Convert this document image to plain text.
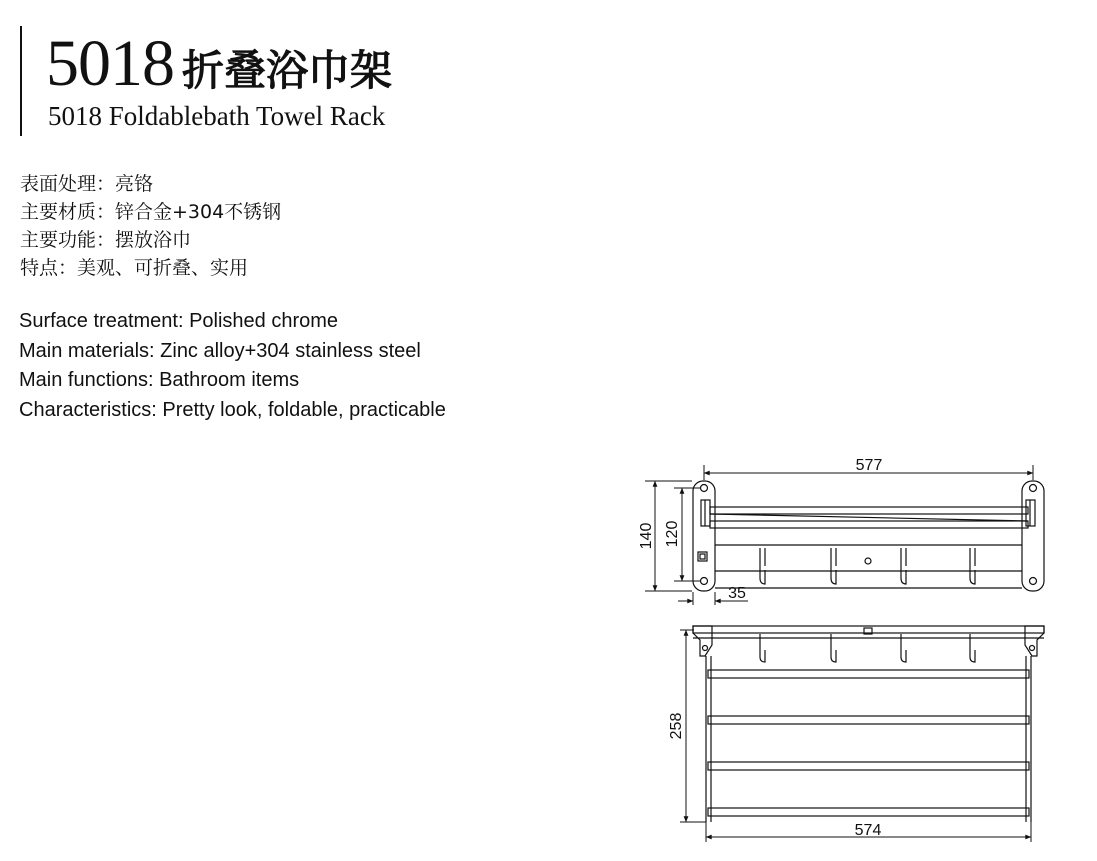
5018 折叠浴巾架
5018 Foldablebath Towel Rack
表面处理：亮铬
主要材质：锌合金+304不锈钢
主要功能：摆放浴巾
特点：美观、可折叠、实用
Surface treatment: Polished chrome
Main materials: Zinc alloy+304 stainless steel
Main functions: Bathroom items
Characteristics: Pretty look, foldable, practicable
577
140 120
35
258
574
